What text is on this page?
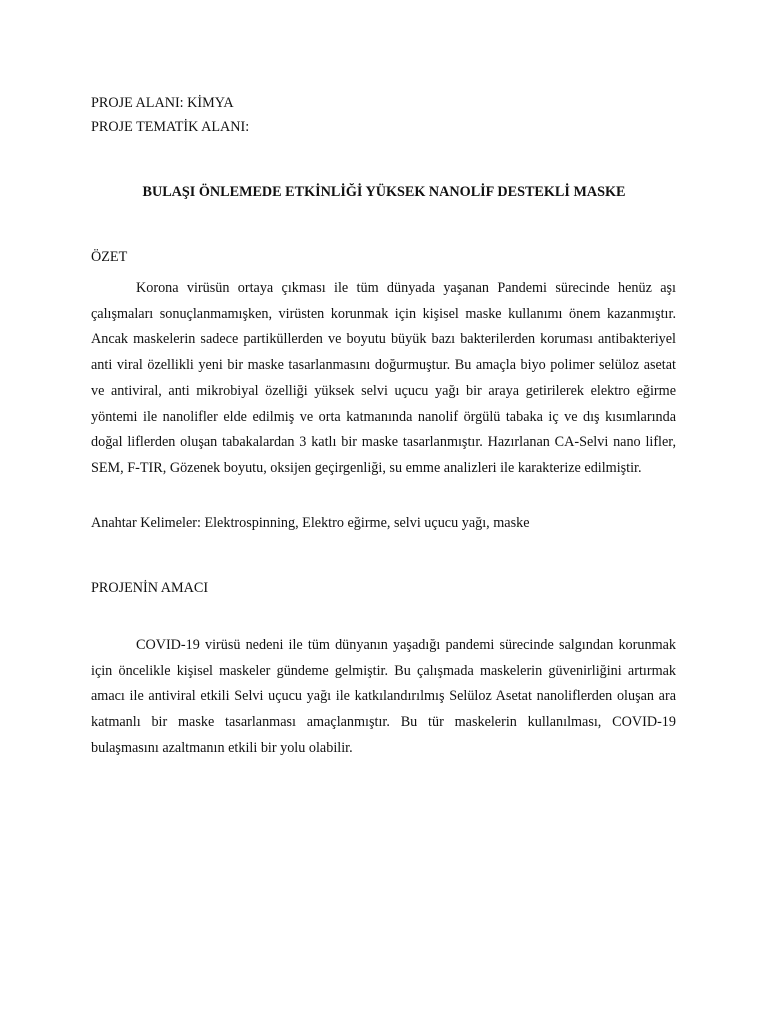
PROJE ALANI: KİMYA

PROJE TEMATİK ALANI:

BULAŞI ÖNLEMEDE ETKİNLİĞİ YÜKSEK NANOLİF DESTEKLİ MASKE
ÖZET

Korona virüsün ortaya çıkması ile tüm dünyada yaşanan Pandemi sürecinde henüz aşı çalışmaları sonuçlanmamışken, virüsten korunmak için kişisel maske kullanımı önem kazanmıştır. Ancak maskelerin sadece partiküllerden ve boyutu büyük bazı bakterilerden koruması antibakteriyel anti viral özellikli yeni bir maske tasarlanmasını doğurmuştur. Bu amaçla biyo polimer selüloz asetat ve antiviral, anti mikrobiyal özelliği yüksek selvi uçucu yağı bir araya getirilerek elektro eğirme yöntemi ile nanolifler elde edilmiş ve orta katmanında nanolif örgülü tabaka iç ve dış kısımlarında doğal liflerden oluşan tabakalardan 3 katlı bir maske tasarlanmıştır. Hazırlanan CA-Selvi nano lifler, SEM, F-TIR, Gözenek boyutu, oksijen geçirgenliği, su emme analizleri ile karakterize edilmiştir.

Anahtar Kelimeler: Elektrospinning, Elektro eğirme, selvi uçucu yağı, maske

PROJENİN AMACI

COVID-19 virüsü nedeni ile tüm dünyanın yaşadığı pandemi sürecinde salgından korunmak için öncelikle kişisel maskeler gündeme gelmiştir. Bu çalışmada maskelerin güvenirliğini artırmak amacı ile antiviral etkili Selvi uçucu yağı ile katkılandırılmış Selüloz Asetat nanoliflerden oluşan ara katmanlı bir maske tasarlanması amaçlanmıştır. Bu tür maskelerin kullanılması, COVID-19 bulaşmasını azaltmanın etkili bir yolu olabilir.
